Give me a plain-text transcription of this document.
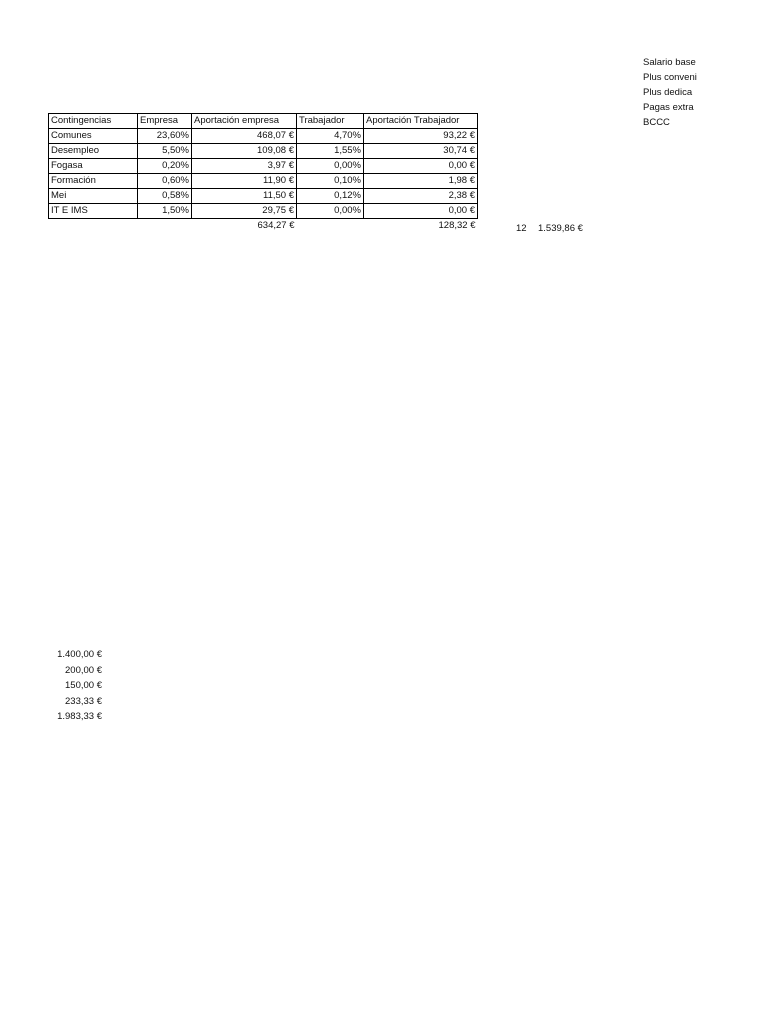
Salario base
Plus conveni
Plus dedica
Pagas extra
BCCC
Contingencias	Empresa	Aportación empresa	Trabajador	Aportación Trabajador
Comunes	23,60%	468,07 €	4,70%	93,22 €
Desempleo	5,50%	109,08 €	1,55%	30,74 €
Fogasa	0,20%	3,97 €	0,00%	0,00 €
Formación	0,60%	11,90 €	0,10%	1,98 €
Mei	0,58%	11,50 €	0,12%	2,38 €
IT E IMS	1,50%	29,75 €	0,00%	0,00 €
		634,27 €		128,32 €	12 1.539,86 €
1.400,00 €
200,00 €
150,00 €
233,33 €
1.983,33 €
